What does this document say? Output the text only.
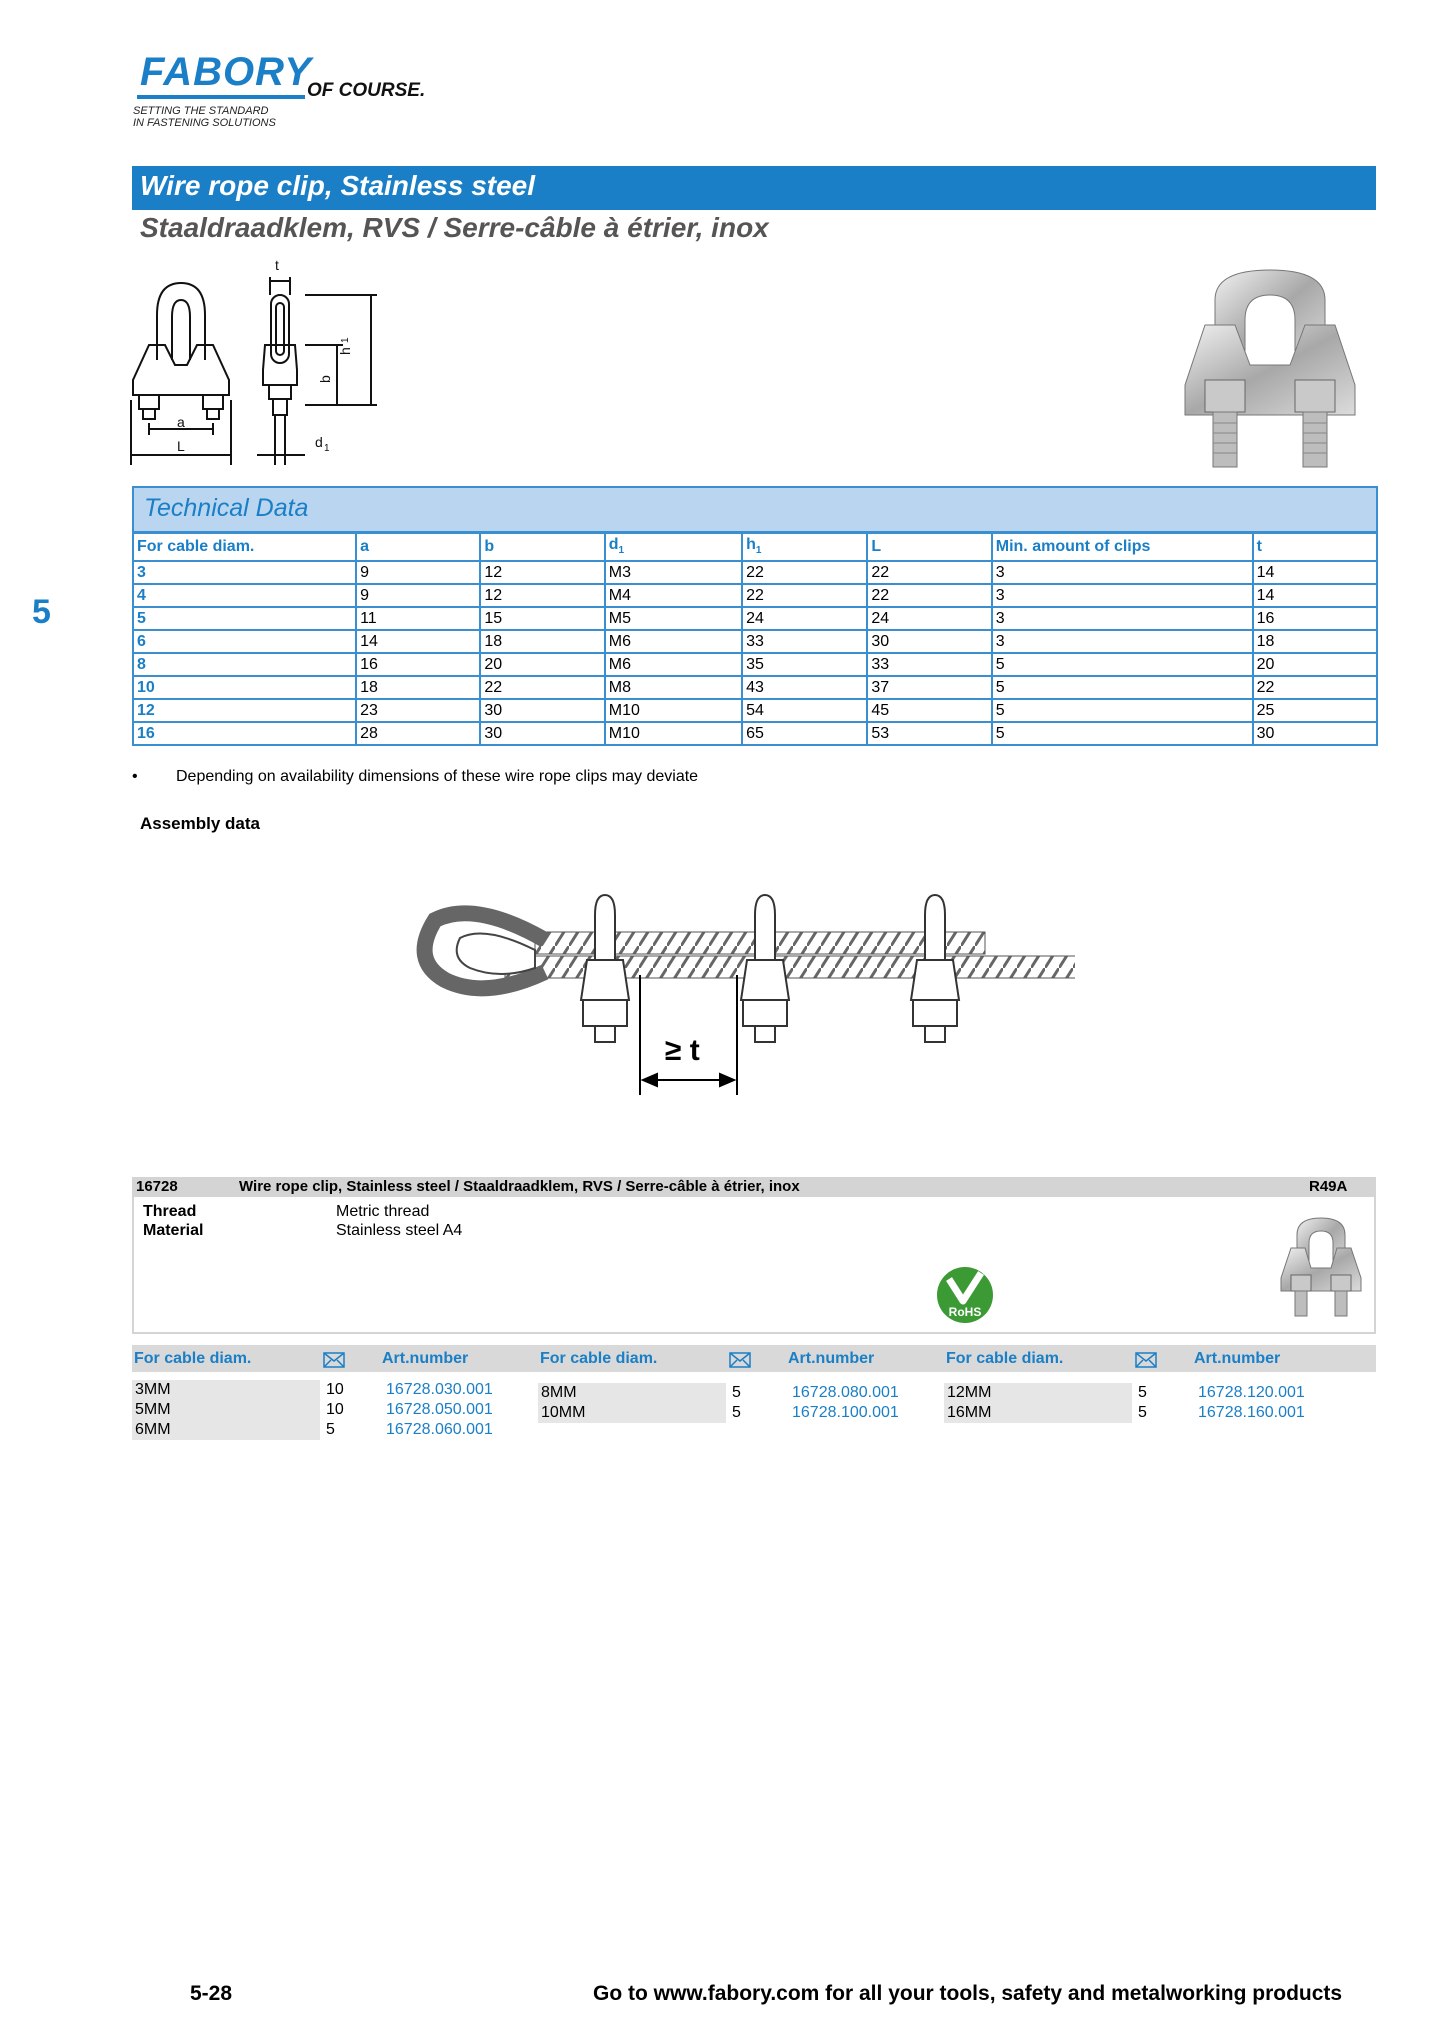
FABORY
OF COURSE.
SETTING THE STANDARD
IN FASTENING SOLUTIONS
Wire rope clip, Stainless steel
Staaldraadklem, RVS / Serre-câble à étrier, inox
5
t
h
1
b
a
L	d 1
Technical Data
For cable diam.	a	b	$d_1$	$h_1$	L	Min. amount of clips	t
3	9	12	M3	22	22	3	14
4	9	12	M4	22	22	3	14
5	11	15	M5	24	24	3	16
6	14	18	M6	33	30	3	18
8	16	20	M6	35	33	5	20
10	18	22	M8	43	37	5	22
12	23	30	M10	54	45	5	25
16	28	30	M10	65	53	5	30
• Depending on availability dimensions of these wire rope clips may deviate
Assembly data
≥ t
16728	Wire rope clip, Stainless steel / Staaldraadklem, RVS / Serre-câble à étrier, inox	R49A
Thread	Metric thread
Material	Stainless steel A4
RoHS
For cable diam.	Art.number
3MM	10	16728.030.001
5MM	10	16728.050.001
6MM	5	16728.060.001
For cable diam.	Art.number
8MM	5	16728.080.001
10MM	5	16728.100.001
For cable diam.	Art.number
12MM	5	16728.120.001
16MM	5	16728.160.001
5-28	Go to www.fabory.com for all your tools, safety and metalworking products
